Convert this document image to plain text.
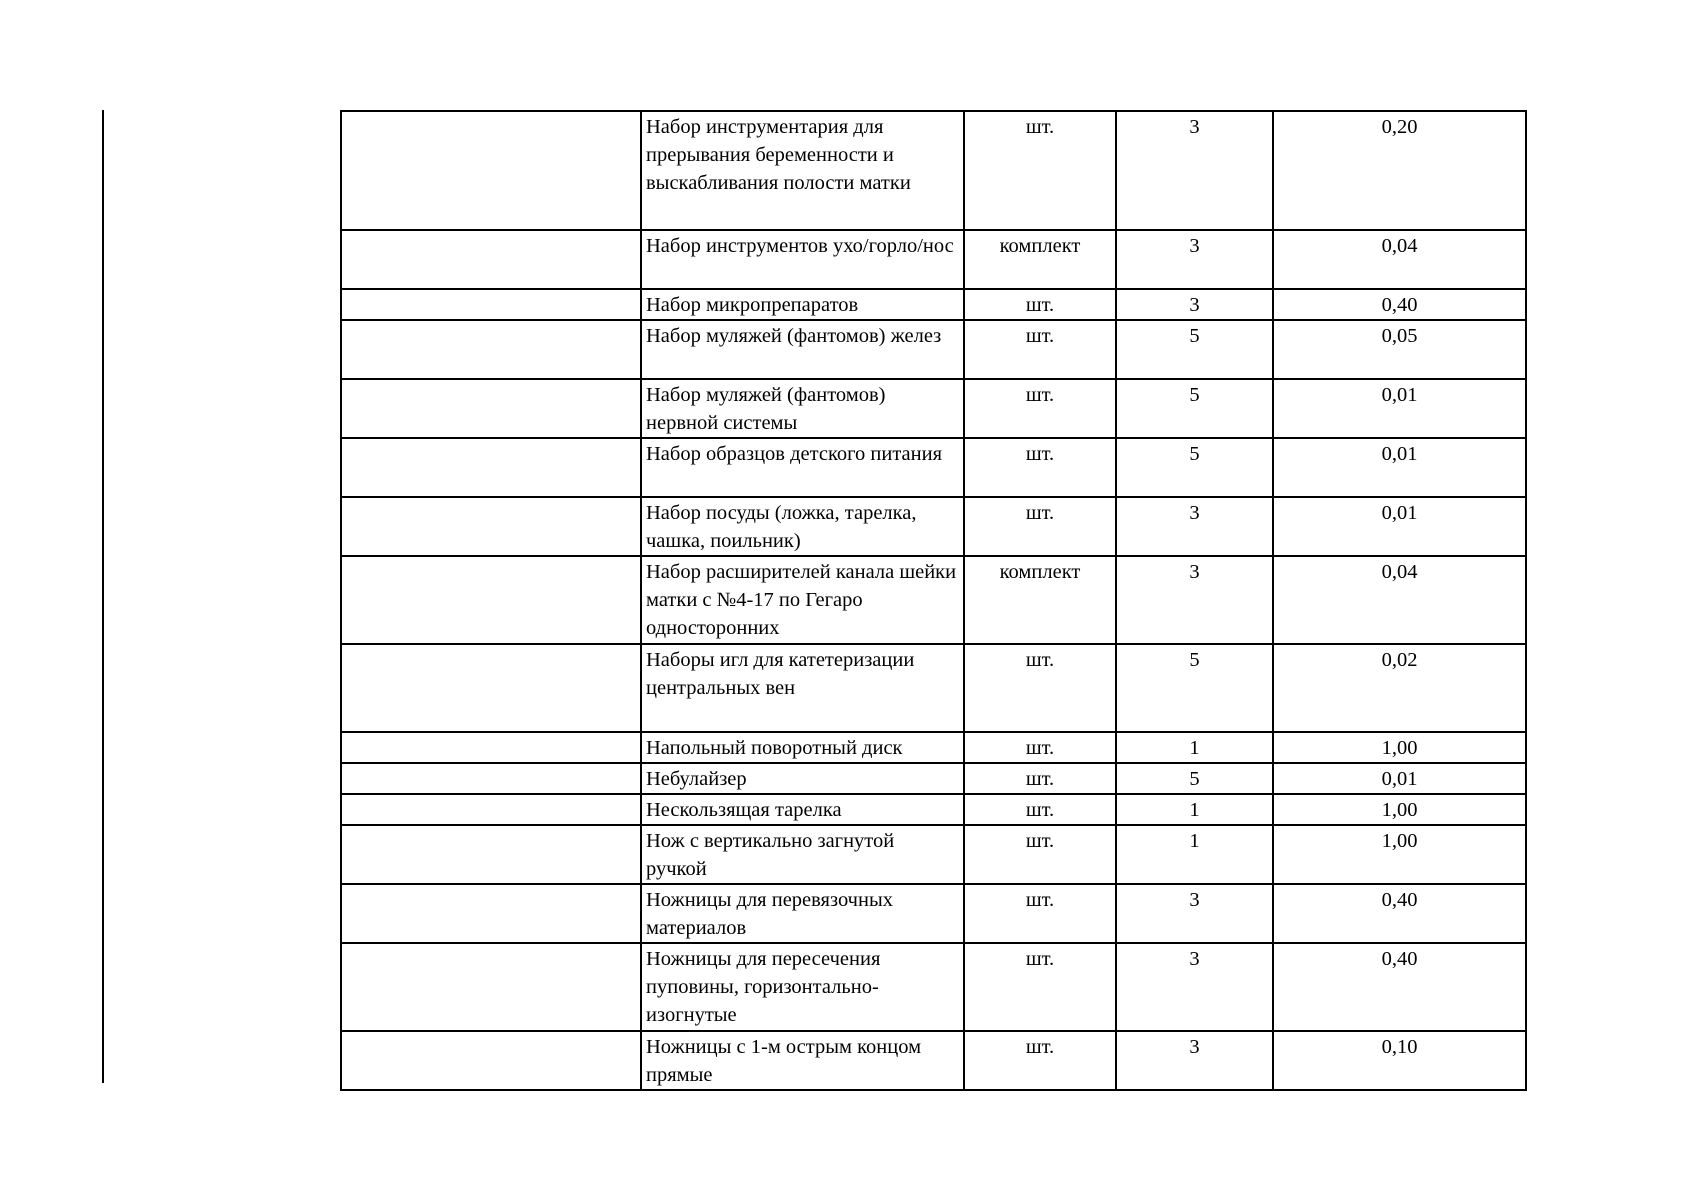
	Набор инструментария для прерывания беременности и выскабливания полости матки	шт.	3	0,20
	Набор инструментов ухо/горло/нос	комплект	3	0,04
	Набор микропрепаратов	шт.	3	0,40
	Набор муляжей (фантомов) желез	шт.	5	0,05
	Набор муляжей (фантомов) нервной системы	шт.	5	0,01
	Набор образцов детского питания	шт.	5	0,01
	Набор посуды (ложка, тарелка, чашка, поильник)	шт.	3	0,01
	Набор расширителей канала шейки матки с №4-17 по Гегаро односторонних	комплект	3	0,04
	Наборы игл для катетеризации центральных вен	шт.	5	0,02
	Напольный поворотный диск	шт.	1	1,00
	Небулайзер	шт.	5	0,01
	Нескользящая тарелка	шт.	1	1,00
	Нож с вертикально загнутой ручкой	шт.	1	1,00
	Ножницы для перевязочных материалов	шт.	3	0,40
	Ножницы для пересечения пуповины, горизонтально-изогнутые	шт.	3	0,40
	Ножницы с 1-м острым концом прямые	шт.	3	0,10
